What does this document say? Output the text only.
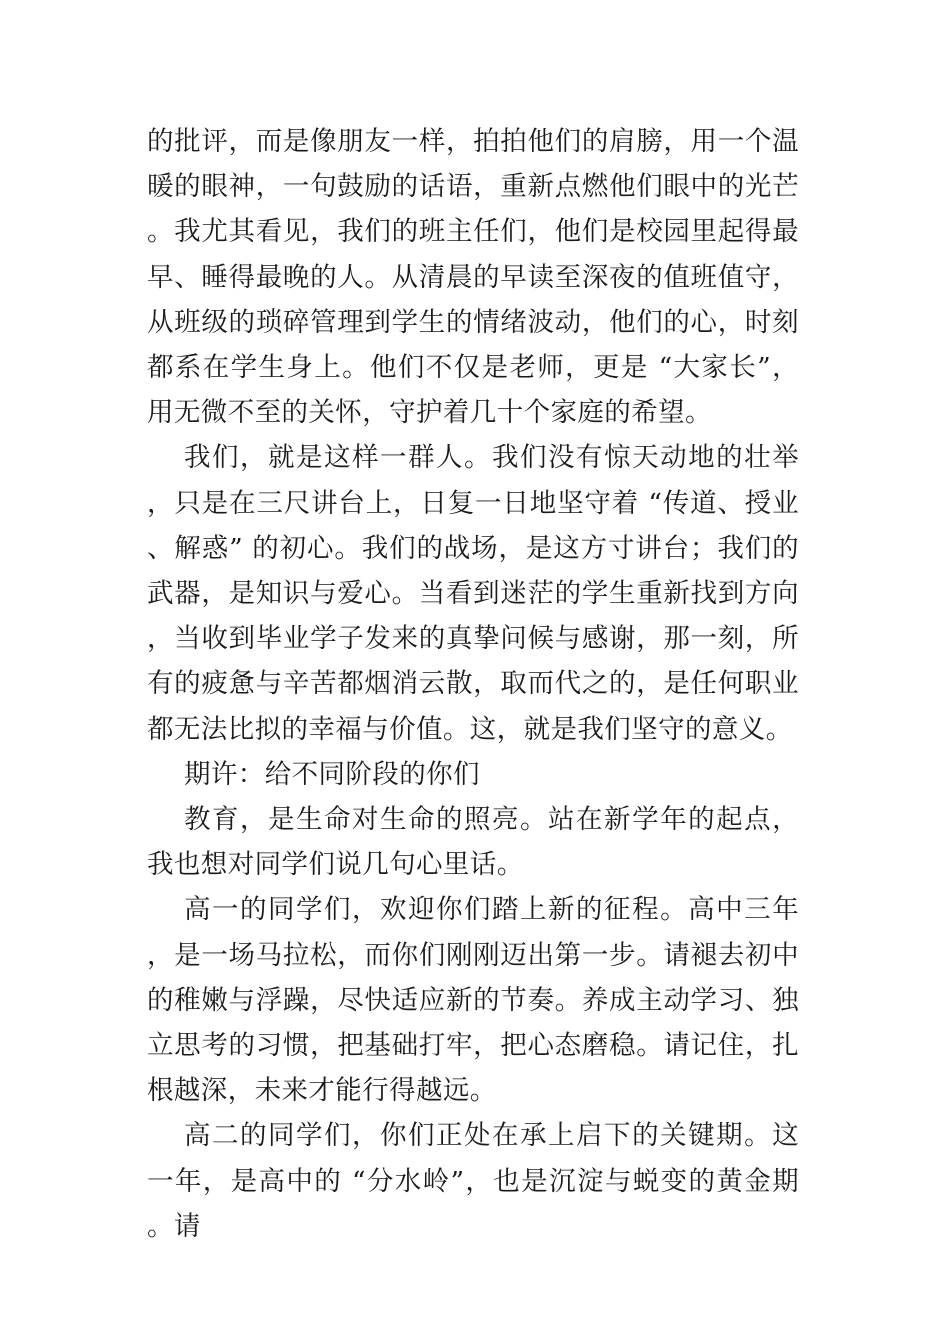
的批评，而是像朋友一样，拍拍他们的肩膀，用一个温暖的眼神，一句鼓励的话语，重新点燃他们眼中的光芒。我尤其看见，我们的班主任们，他们是校园里起得最早、睡得最晚的人。从清晨的早读至深夜的值班值守，从班级的琐碎管理到学生的情绪波动，他们的心，时刻都系在学生身上。他们不仅是老师，更是 “大家长”，用无微不至的关怀，守护着几十个家庭的希望。

我们，就是这样一群人。我们没有惊天动地的壮举，只是在三尺讲台上，日复一日地坚守着 “传道、授业、解惑” 的初心。我们的战场，是这方寸讲台；我们的武器，是知识与爱心。当看到迷茫的学生重新找到方向，当收到毕业学子发来的真挚问候与感谢，那一刻，所有的疲惫与辛苦都烟消云散，取而代之的，是任何职业都无法比拟的幸福与价值。这，就是我们坚守的意义。

期许：给不同阶段的你们

教育，是生命对生命的照亮。站在新学年的起点，我也想对同学们说几句心里话。

高一的同学们，欢迎你们踏上新的征程。高中三年，是一场马拉松，而你们刚刚迈出第一步。请褪去初中的稚嫩与浮躁，尽快适应新的节奏。养成主动学习、独立思考的习惯，把基础打牢，把心态磨稳。请记住，扎根越深，未来才能行得越远。

高二的同学们，你们正处在承上启下的关键期。这一年，是高中的 “分水岭”，也是沉淀与蜕变的黄金期。请
